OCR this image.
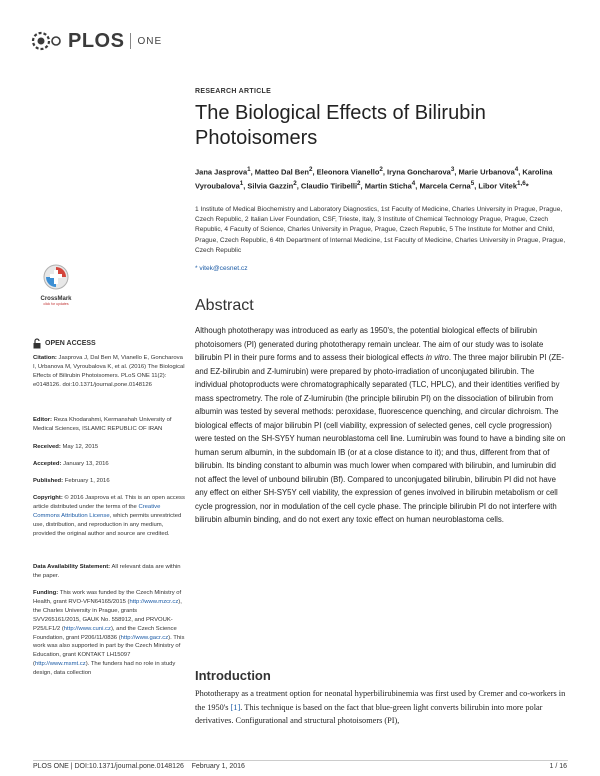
PLOS ONE
RESEARCH ARTICLE
The Biological Effects of Bilirubin Photoisomers
Jana Jasprova$^1$, Matteo Dal Ben$^2$, Eleonora Vianello$^2$, Iryna Goncharova$^3$, Marie Urbanova$^4$, Karolina Vyroubalova$^1$, Silvia Gazzin$^2$, Claudio Tiribelli$^2$, Martin Sticha$^4$, Marcela Cerna$^5$, Libor Vitek$^{1,6}$*
1 Institute of Medical Biochemistry and Laboratory Diagnostics, 1st Faculty of Medicine, Charles University in Prague, Prague, Czech Republic, 2 Italian Liver Foundation, CSF, Trieste, Italy, 3 Institute of Chemical Technology Prague, Prague, Czech Republic, 4 Faculty of Science, Charles University in Prague, Prague, Czech Republic, 5 The Institute for Mother and Child, Prague, Czech Republic, 6 4th Department of Internal Medicine, 1st Faculty of Medicine, Charles University in Prague, Prague, Czech Republic
* vitek@cesnet.cz
CrossMark
click for updates	Abstract
Although phototherapy was introduced as early as 1950's, the potential biological effects of bilirubin photoisomers (PI) generated during phototherapy remain unclear. The aim of our study was to isolate bilirubin PI in their pure forms and to assess their biological effects in vitro. The three major bilirubin PI (ZE- and EZ-bilirubin and Z-lumirubin) were prepared by photo-irradiation of unconjugated bilirubin. The individual photoproducts were chromatographically separated (TLC, HPLC), and their identities verified by mass spectrometry. The role of Z-lumirubin (the principle bilirubin PI) on the dissociation of bilirubin from albumin was tested by several methods: peroxidase, fluorescence quenching, and circular dichroism. The biological effects of major bilirubin PI (cell viability, expression of selected genes, cell cycle progression) were tested on the SH-SY5Y human neuroblastoma cell line. Lumirubin was found to have a binding site on human serum albumin, in the subdomain IB (or at a close distance to it); and thus, different from that of bilirubin. Its binding constant to albumin was much lower when compared with bilirubin, and lumirubin did not affect the level of unbound bilirubin (Bf). Compared to unconjugated bilirubin, bilirubin PI did not have any effect on either SH-SY5Y cell viability, the expression of genes involved in bilirubin metabolism or cell cycle progression, nor in modulation of the cell cycle phase. The principle bilirubin PI do not interfere with bilirubin albumin binding, and do not exert any toxic effect on human neuroblastoma cells.
Introduction
Phototherapy as a treatment option for neonatal hyperbilirubinemia was first used by Cremer and co-workers in the 1950's [1]. This technique is based on the fact that blue-green light converts bilirubin into more polar derivatives. Configurational and structural photoisomers (PI),
OPEN ACCESS
Citation: Jasprova J, Dal Ben M, Vianello E, Goncharova I, Urbanova M, Vyroubalova K, et al. (2016) The Biological Effects of Bilirubin Photoisomers. PLoS ONE 11(2): e0148126. doi:10.1371/journal.pone.0148126
Editor: Reza Khodarahmi, Kermanshah University of Medical Sciences, ISLAMIC REPUBLIC OF IRAN
Received: May 12, 2015
Accepted: January 13, 2016
Published: February 1, 2016
Copyright: © 2016 Jasprova et al. This is an open access article distributed under the terms of the Creative Commons Attribution License, which permits unrestricted use, distribution, and reproduction in any medium, provided the original author and source are credited.
Data Availability Statement: All relevant data are within the paper.
Funding: This work was funded by the Czech Ministry of Health, grant RVO-VFN64165/2015 (http://www.mzcr.cz), the Charles University in Prague, grants SVV265161/2015, GAUK No. 558912, and PRVOUK-P25/LF1/2 (http://www.cuni.cz), and the Czech Science Foundation, grant P206/11/0836 (http://www.gacr.cz). This work was also supported in part by the Czech Ministry of Education, grant KONTAKT LH15097 (http://www.msmt.cz). The funders had no role in study design, data collection
PLOS ONE | DOI:10.1371/journal.pone.0148126    February 1, 2016	1 / 16
